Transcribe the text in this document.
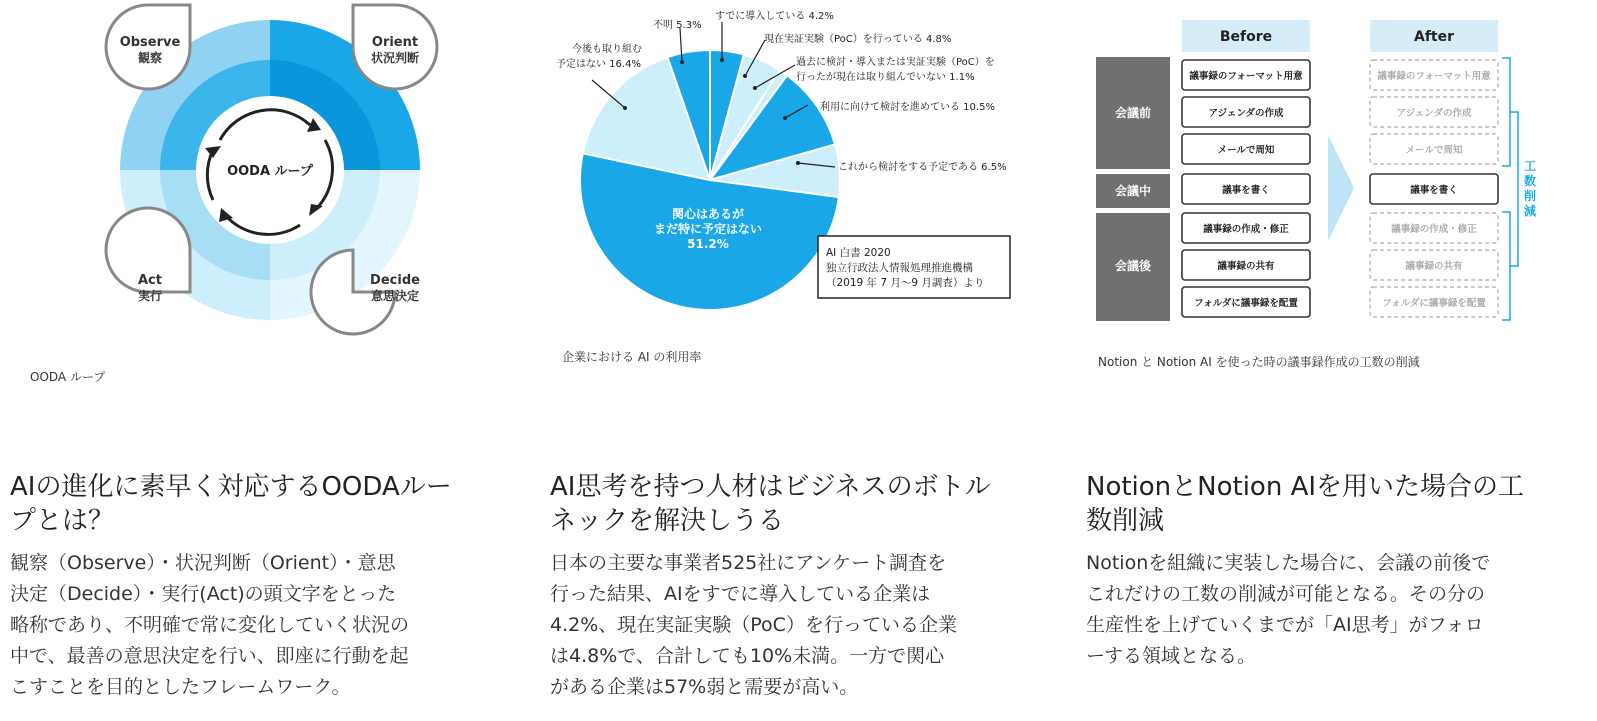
OODA ループ
Observe
観察
Orient
状況判断
Act
実行
Decide
意思決定
OODA ループ
すでに導入している 4.2%
不明 5.3%
現在実証実験（PoC）を行っている 4.8%
過去に検討・導入または実証実験（PoC）を
行ったが現在は取り組んでいない 1.1%
利用に向けて検討を進めている 10.5%
これから検討をする予定である 6.5%
今後も取り組む
予定はない 16.4%
関心はあるが
まだ特に予定はない
51.2%
AI 白書 2020
独立行政法人情報処理推進機構
（2019 年 7 月〜9 月調査）より
企業における AI の利用率
Before	After
会議前
会議中
会議後
議事録のフォーマット用意
アジェンダの作成
メールで周知
議事を書く
議事録の作成・修正
議事録の共有
フォルダに議事録を配置
議事録のフォーマット用意
アジェンダの作成
メールで周知
議事を書く
議事録の作成・修正
議事録の共有
フォルダに議事録を配置
工
数
削
減
Notion と Notion AI を使った時の議事録作成の工数の削減
AIの進化に素早く対応するOODAルー
プとは？

観察（Observe）・状況判断（Orient）・意思
決定（Decide）・実行(Act)の頭文字をとった
略称であり、不明確で常に変化していく状況の
中で、最善の意思決定を行い、即座に行動を起
こすことを目的としたフレームワーク。

AI思考を持つ人材はビジネスのボトル
ネックを解決しうる

日本の主要な事業者525社にアンケート調査を
行った結果、AIをすでに導入している企業は
4.2%、現在実証実験（PoC）を行っている企業
は4.8%で、合計しても10%未満。一方で関心
がある企業は57%弱と需要が高い。

NotionとNotion AIを用いた場合の工
数削減

Notionを組織に実装した場合に、会議の前後で
これだけの工数の削減が可能となる。その分の
生産性を上げていくまでが「AI思考」がフォロ
ーする領域となる。
